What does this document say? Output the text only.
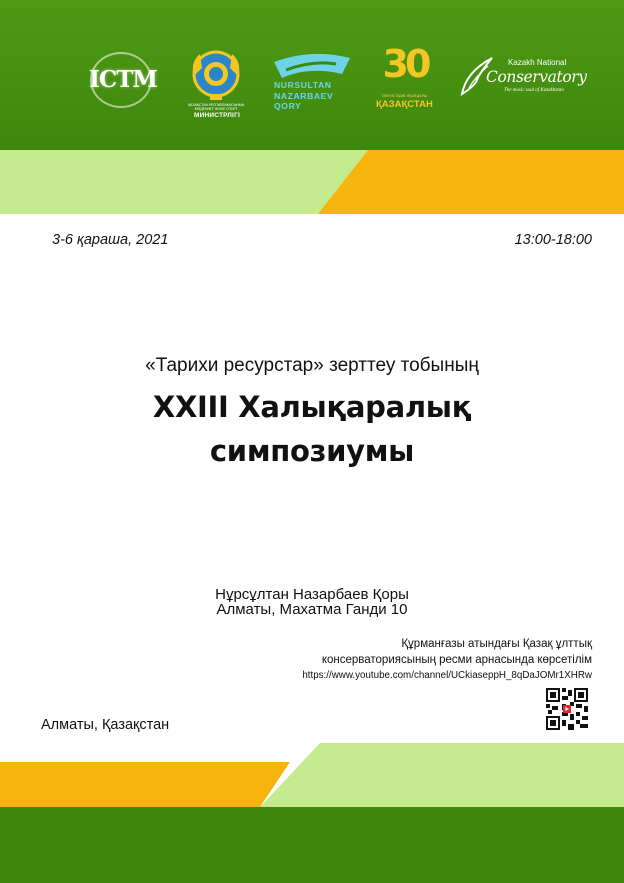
ICTM
ҚАЗАҚСТАН РЕСПУБЛИКАСЫНЫҢ МӘДЕНИЕТ ЖӘНЕ СПОРТ
МИНИСТРЛІГІ
NURSULTAN
NAZARBAEV
QORY
30
ТӘУЕЛСІЗДІК ЖЫЛДАРЫ
ҚАЗАҚСТАН
Kazakh National
Conservatory
The music soul of Kazakhstan
3-6 қараша, 2021	13:00-18:00
«Тарихи ресурстар» зерттеу тобының
XXIII Халықаралық
симпозиумы
Нұрсұлтан Назарбаев Қоры
Алматы, Махатма Ганди 10
Құрманғазы атындағы Қазақ ұлттық
консерваториясының ресми арнасында көрсетілім
https://www.youtube.com/channel/UCkiaseppH_8qDaJOMr1XHRw
Алматы, Қазақстан
